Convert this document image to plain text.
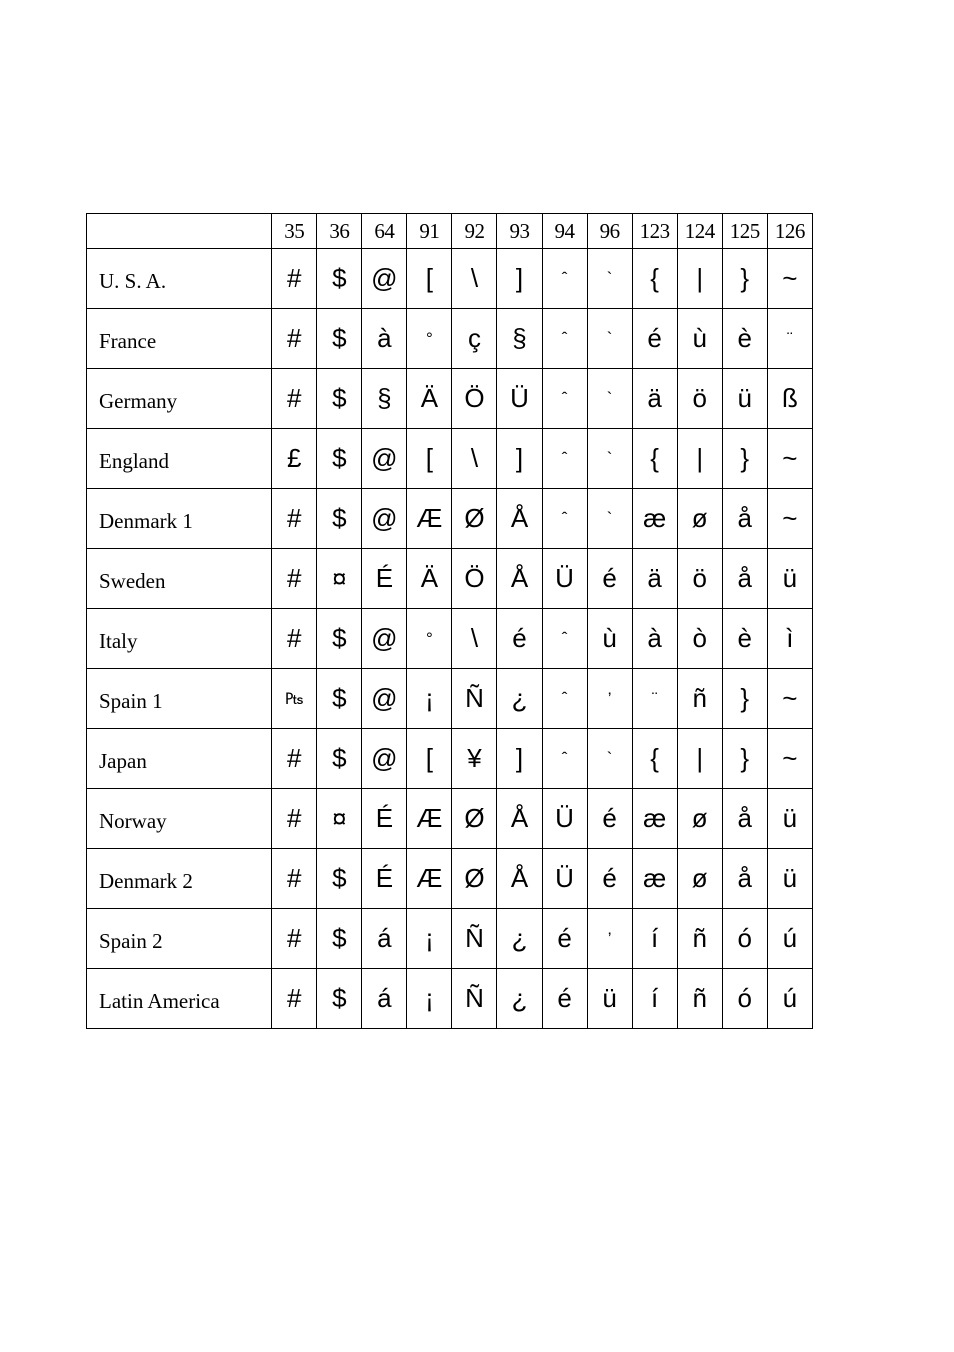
	35	36	64	91	92	93	94	96	123	124	125	126
U. S. A.	#	$	@	[	\	]	ˆ	`	{	|	}	~
France	#	$	à	°	ç	§	ˆ	`	é	ù	è	¨
Germany	#	$	§	Ä	Ö	Ü	ˆ	`	ä	ö	ü	ß
England	£	$	@	[	\	]	ˆ	`	{	|	}	~
Denmark 1	#	$	@	Æ	Ø	Å	ˆ	`	æ	ø	å	~
Sweden	#	¤	É	Ä	Ö	Å	Ü	é	ä	ö	å	ü
Italy	#	$	@	°	\	é	ˆ	ù	à	ò	è	ì
Spain 1	₧	$	@	¡	Ñ	¿	ˆ	’	¨	ñ	}	~
Japan	#	$	@	[	¥	]	ˆ	`	{	|	}	~
Norway	#	¤	É	Æ	Ø	Å	Ü	é	æ	ø	å	ü
Denmark 2	#	$	É	Æ	Ø	Å	Ü	é	æ	ø	å	ü
Spain 2	#	$	á	¡	Ñ	¿	é	’	í	ñ	ó	ú
Latin America	#	$	á	¡	Ñ	¿	é	ü	í	ñ	ó	ú
